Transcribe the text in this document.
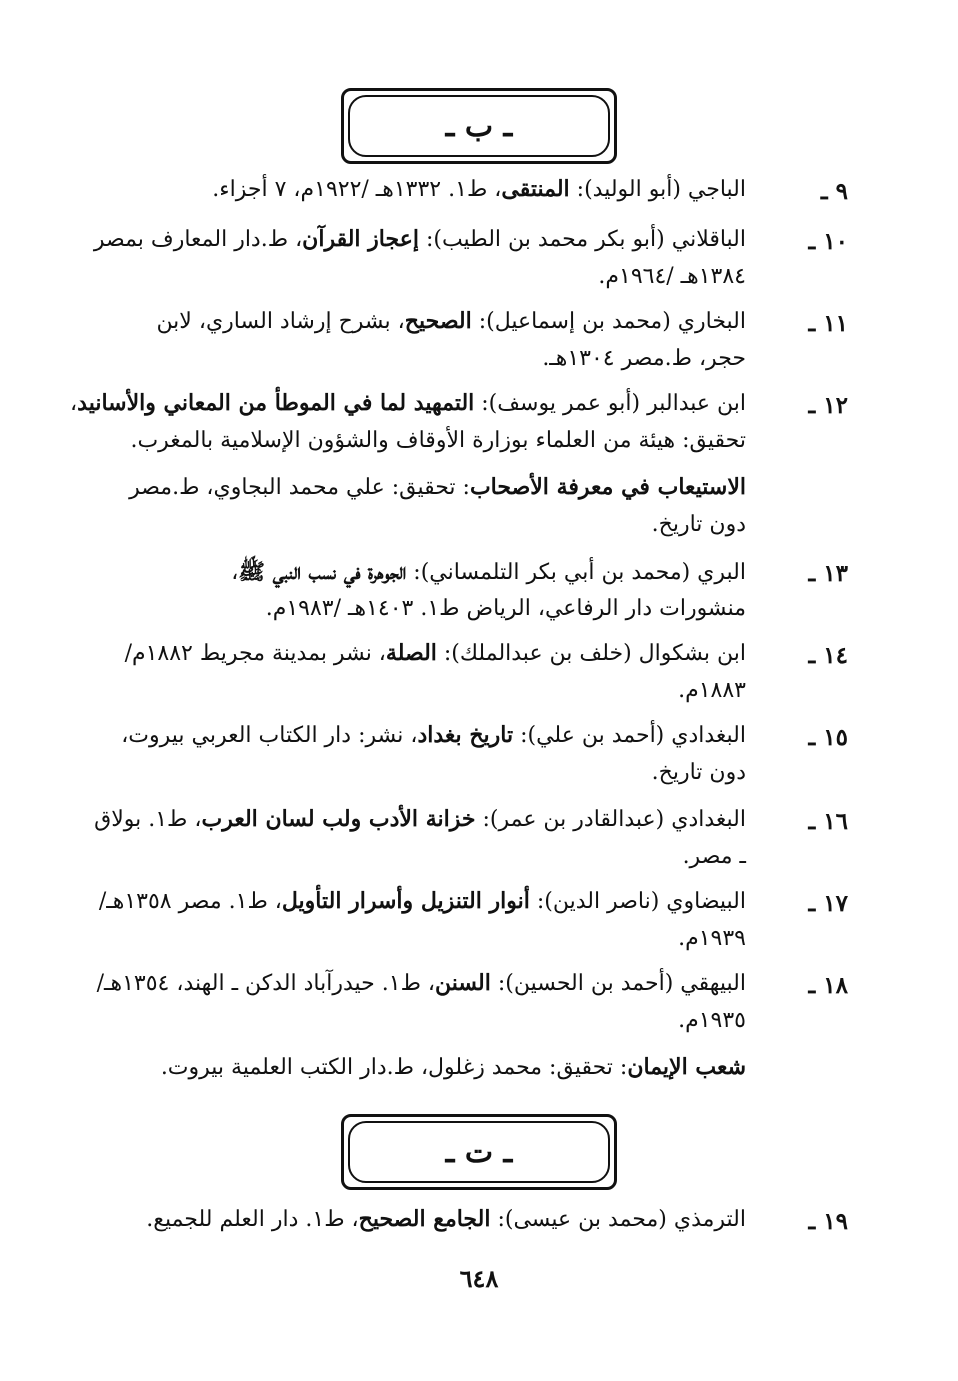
ـ ب ـ
٩ ـ
الباجي (أبو الوليد): المنتقى، ط١. ١٣٣٢هـ /١٩٢٢م، ٧ أجزاء.
١٠ ـ
الباقلاني (أبو بكر محمد بن الطيب): إعجاز القرآن، ط.دار المعارف بمصر
١٣٨٤هـ /١٩٦٤م.
١١ ـ
البخاري (محمد بن إسماعيل): الصحيح، بشرح إرشاد الساري، لابن
حجر، ط.مصر ١٣٠٤هـ.
١٢ ـ
ابن عبدالبر (أبو عمر يوسف): التمهيد لما في الموطأ من المعاني والأسانيد،
تحقيق: هيئة من العلماء بوزارة الأوقاف والشؤون الإسلامية بالمغرب.
الاستيعاب في معرفة الأصحاب: تحقيق: علي محمد البجاوي، ط.مصر
دون تاريخ.
١٣ ـ
البري (محمد بن أبي بكر التلمساني): الجوهرة في نسب النبي ﷺ،
منشورات دار الرفاعي، الرياض ط١. ١٤٠٣هـ /١٩٨٣م.
١٤ ـ
ابن بشكوال (خلف بن عبدالملك): الصلة، نشر بمدينة مجريط ١٨٨٢م/
١٨٨٣م.
١٥ ـ
البغدادي (أحمد بن علي): تاريخ بغداد، نشر: دار الكتاب العربي بيروت،
دون تاريخ.
١٦ ـ
البغدادي (عبدالقادر بن عمر): خزانة الأدب ولب لسان العرب، ط١. بولاق
ـ مصر.
١٧ ـ
البيضاوي (ناصر الدين): أنوار التنزيل وأسرار التأويل، ط١. مصر ١٣٥٨هـ/
١٩٣٩م.
١٨ ـ
البيهقي (أحمد بن الحسين): السنن، ط١. حيدرآباد الدكن ـ الهند، ١٣٥٤هـ/
١٩٣٥م.
شعب الإيمان: تحقيق: محمد زغلول، ط.دار الكتب العلمية بيروت.
١٩ ـ
الترمذي (محمد بن عيسى): الجامع الصحيح، ط١. دار العلم للجميع.
ـ ت ـ
٦٤٨
